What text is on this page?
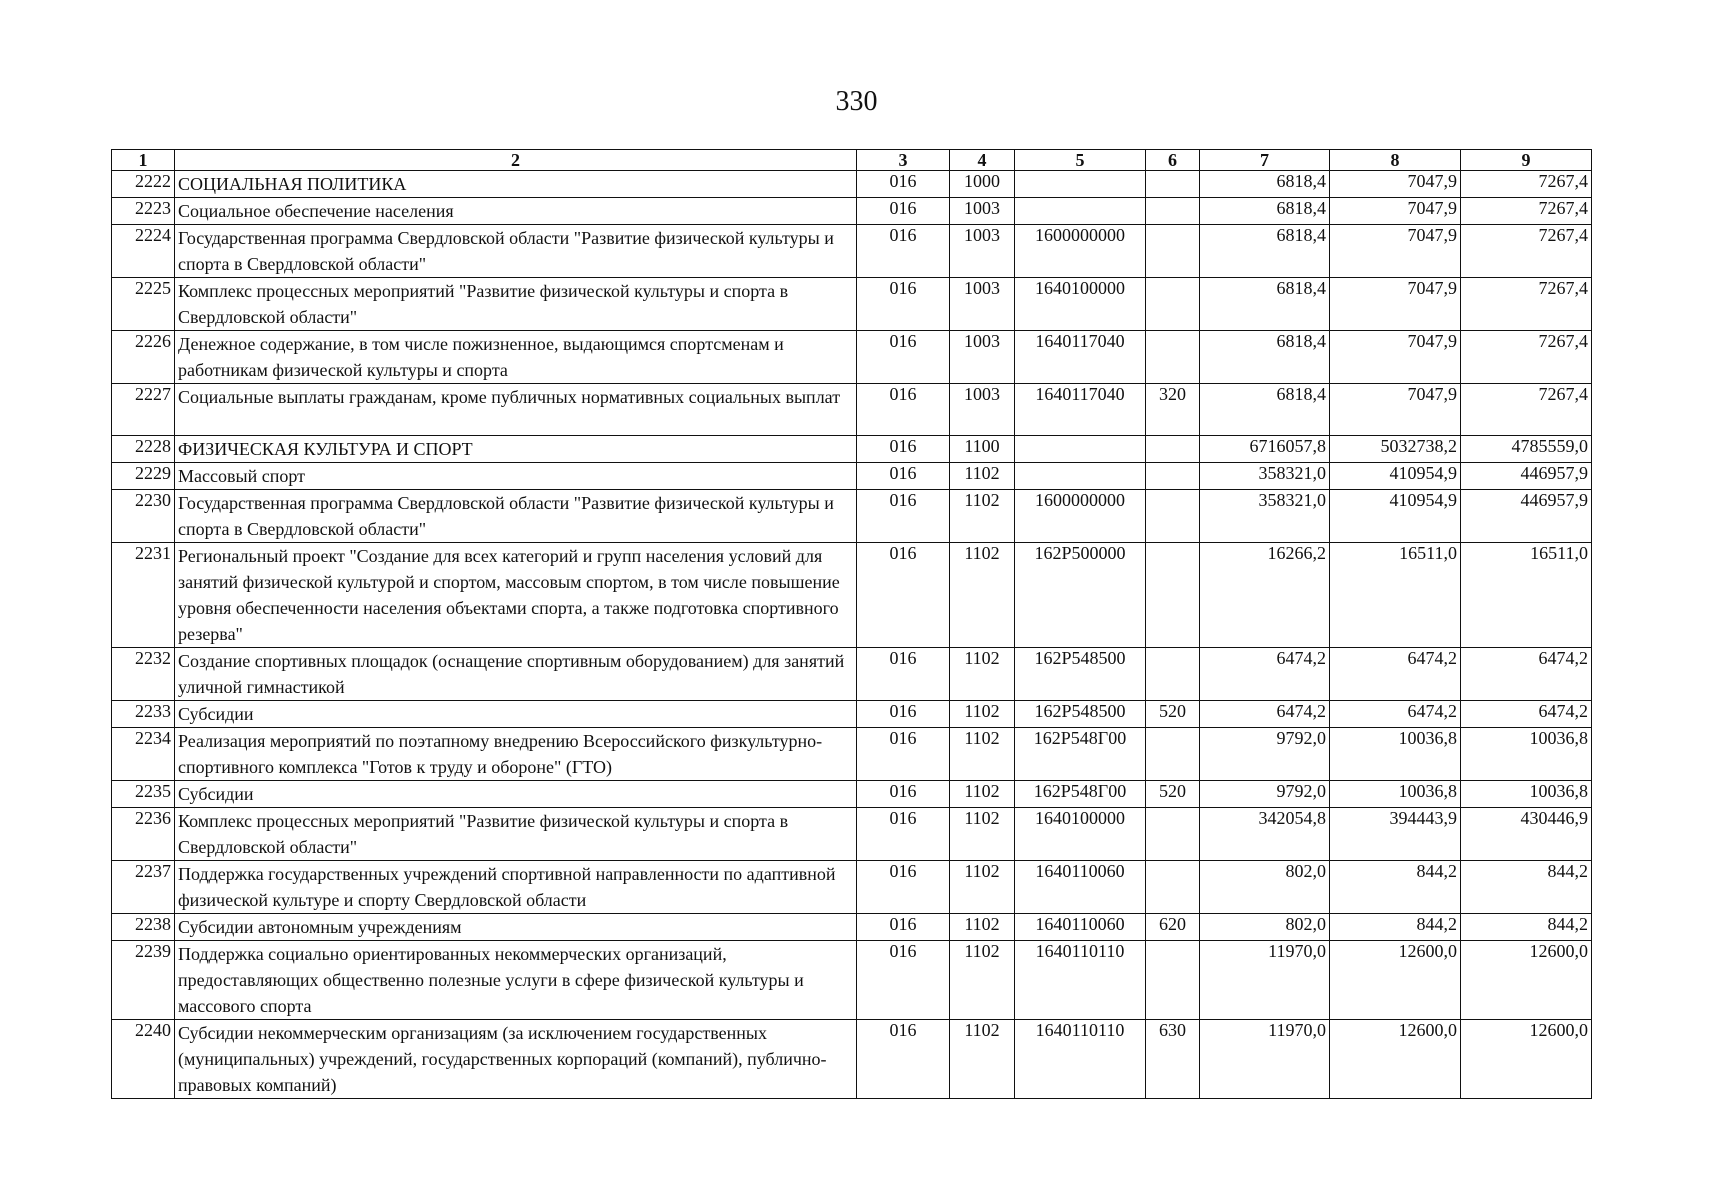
330
1	2	3	4	5	6	7	8	9
2222	СОЦИАЛЬНАЯ ПОЛИТИКА	016	1000			6818,4	7047,9	7267,4
2223	Социальное обеспечение населения	016	1003			6818,4	7047,9	7267,4
2224	Государственная программа Свердловской области "Развитие физической культуры и спорта в Свердловской области"	016	1003	1600000000		6818,4	7047,9	7267,4
2225	Комплекс процессных мероприятий "Развитие физической культуры и спорта в Свердловской области"	016	1003	1640100000		6818,4	7047,9	7267,4
2226	Денежное содержание, в том числе пожизненное, выдающимся спортсменам и работникам физической культуры и спорта	016	1003	1640117040		6818,4	7047,9	7267,4
2227	Социальные выплаты гражданам, кроме публичных нормативных социальных выплат	016	1003	1640117040	320	6818,4	7047,9	7267,4
2228	ФИЗИЧЕСКАЯ КУЛЬТУРА И СПОРТ	016	1100			6716057,8	5032738,2	4785559,0
2229	Массовый спорт	016	1102			358321,0	410954,9	446957,9
2230	Государственная программа Свердловской области "Развитие физической культуры и спорта в Свердловской области"	016	1102	1600000000		358321,0	410954,9	446957,9
2231	Региональный проект "Создание для всех категорий и групп населения условий для занятий физической культурой и спортом, массовым спортом, в том числе повышение уровня обеспеченности населения объектами спорта, а также подготовка спортивного резерва"	016	1102	162P500000		16266,2	16511,0	16511,0
2232	Создание спортивных площадок (оснащение спортивным оборудованием) для занятий уличной гимнастикой	016	1102	162P548500		6474,2	6474,2	6474,2
2233	Субсидии	016	1102	162P548500	520	6474,2	6474,2	6474,2
2234	Реализация мероприятий по поэтапному внедрению Всероссийского физкультурно-спортивного комплекса "Готов к труду и обороне" (ГТО)	016	1102	162P548Г00		9792,0	10036,8	10036,8
2235	Субсидии	016	1102	162P548Г00	520	9792,0	10036,8	10036,8
2236	Комплекс процессных мероприятий "Развитие физической культуры и спорта в Свердловской области"	016	1102	1640100000		342054,8	394443,9	430446,9
2237	Поддержка государственных учреждений спортивной направленности по адаптивной физической культуре и спорту Свердловской области	016	1102	1640110060		802,0	844,2	844,2
2238	Субсидии автономным учреждениям	016	1102	1640110060	620	802,0	844,2	844,2
2239	Поддержка социально ориентированных некоммерческих организаций, предоставляющих общественно полезные услуги в сфере физической культуры и массового спорта	016	1102	1640110110		11970,0	12600,0	12600,0
2240	Субсидии некоммерческим организациям (за исключением государственных (муниципальных) учреждений, государственных корпораций (компаний), публично-правовых компаний)	016	1102	1640110110	630	11970,0	12600,0	12600,0
